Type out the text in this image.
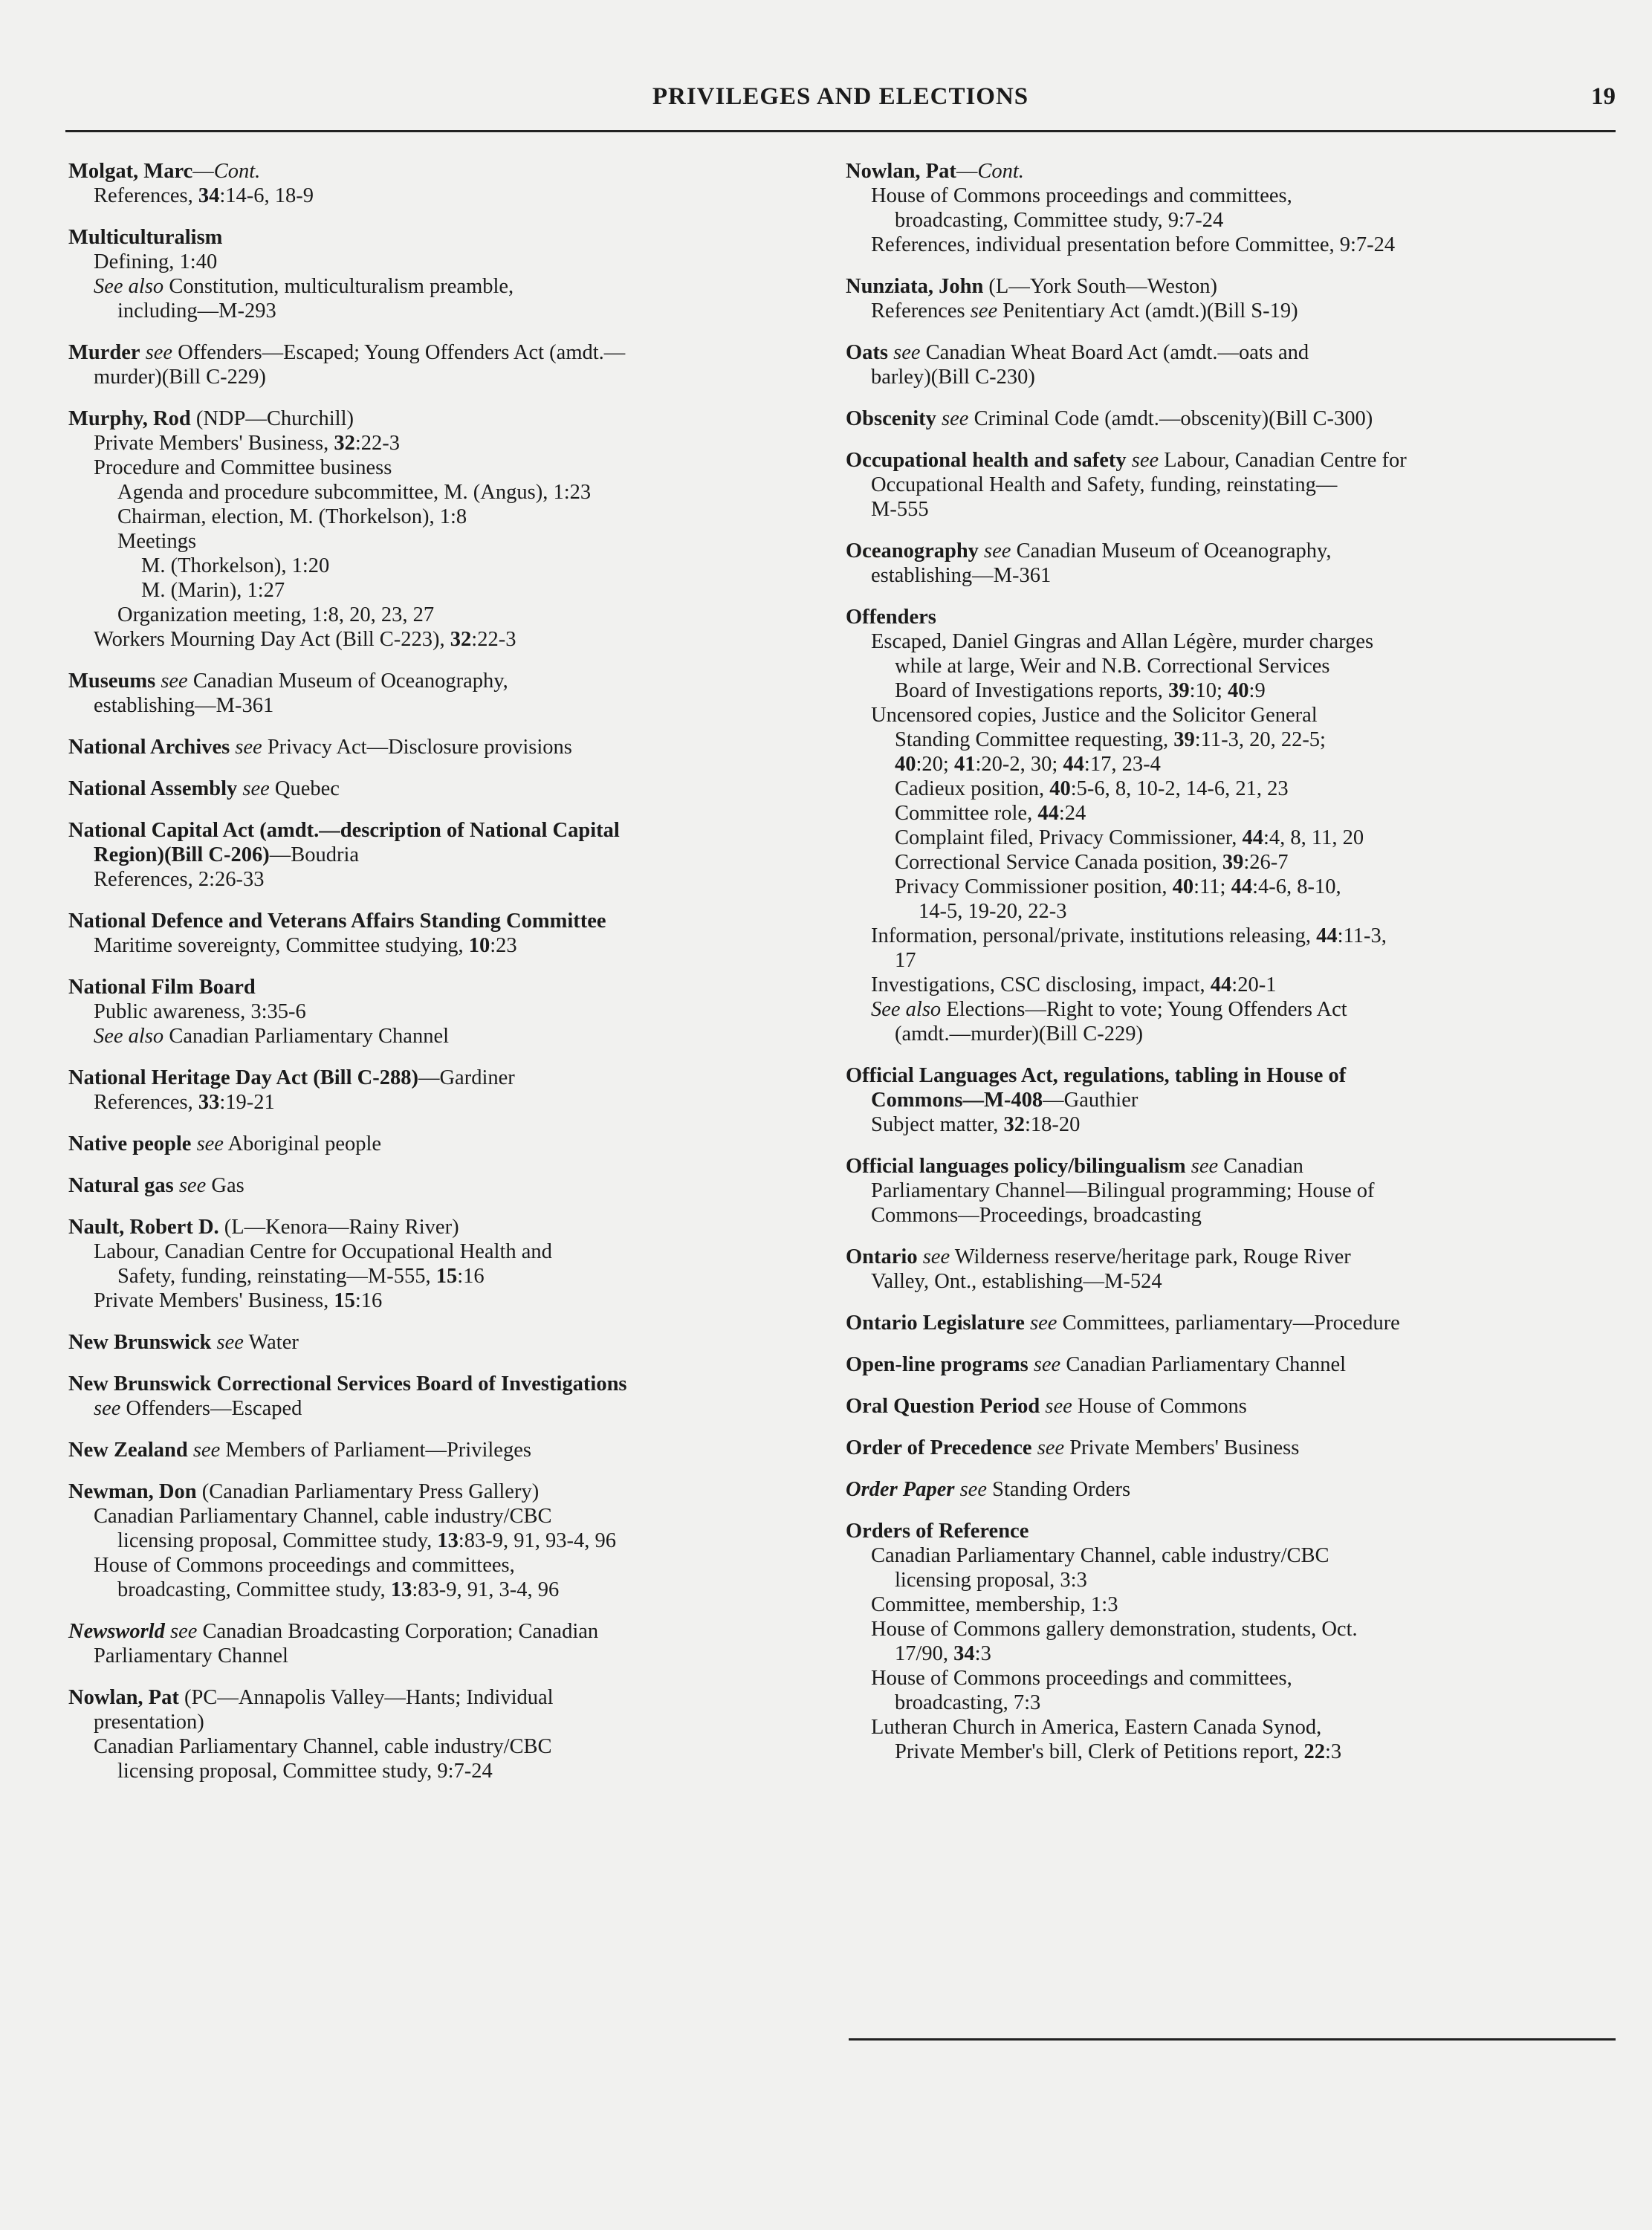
PRIVILEGES AND ELECTIONS	19
Molgat, Marc—Cont.
References, 34:14-6, 18-9
Multiculturalism
Defining, 1:40
See also Constitution, multiculturalism preamble,
including—M-293
Murder see Offenders—Escaped; Young Offenders Act (amdt.—
murder)(Bill C-229)
Murphy, Rod (NDP—Churchill)
Private Members' Business, 32:22-3
Procedure and Committee business
Agenda and procedure subcommittee, M. (Angus), 1:23
Chairman, election, M. (Thorkelson), 1:8
Meetings
M. (Thorkelson), 1:20
M. (Marin), 1:27
Organization meeting, 1:8, 20, 23, 27
Workers Mourning Day Act (Bill C-223), 32:22-3
Museums see Canadian Museum of Oceanography,
establishing—M-361
National Archives see Privacy Act—Disclosure provisions
National Assembly see Quebec
National Capital Act (amdt.—description of National Capital
Region)(Bill C-206)—Boudria
References, 2:26-33
National Defence and Veterans Affairs Standing Committee
Maritime sovereignty, Committee studying, 10:23
National Film Board
Public awareness, 3:35-6
See also Canadian Parliamentary Channel
National Heritage Day Act (Bill C-288)—Gardiner
References, 33:19-21
Native people see Aboriginal people
Natural gas see Gas
Nault, Robert D. (L—Kenora—Rainy River)
Labour, Canadian Centre for Occupational Health and
Safety, funding, reinstating—M-555, 15:16
Private Members' Business, 15:16
New Brunswick see Water
New Brunswick Correctional Services Board of Investigations
see Offenders—Escaped
New Zealand see Members of Parliament—Privileges
Newman, Don (Canadian Parliamentary Press Gallery)
Canadian Parliamentary Channel, cable industry/CBC
licensing proposal, Committee study, 13:83-9, 91, 93-4, 96
House of Commons proceedings and committees,
broadcasting, Committee study, 13:83-9, 91, 3-4, 96
Newsworld see Canadian Broadcasting Corporation; Canadian
Parliamentary Channel
Nowlan, Pat (PC—Annapolis Valley—Hants; Individual
presentation)
Canadian Parliamentary Channel, cable industry/CBC
licensing proposal, Committee study, 9:7-24
Nowlan, Pat—Cont.
House of Commons proceedings and committees,
broadcasting, Committee study, 9:7-24
References, individual presentation before Committee, 9:7-24
Nunziata, John (L—York South—Weston)
References see Penitentiary Act (amdt.)(Bill S-19)
Oats see Canadian Wheat Board Act (amdt.—oats and
barley)(Bill C-230)
Obscenity see Criminal Code (amdt.—obscenity)(Bill C-300)
Occupational health and safety see Labour, Canadian Centre for
Occupational Health and Safety, funding, reinstating—
M-555
Oceanography see Canadian Museum of Oceanography,
establishing—M-361
Offenders
Escaped, Daniel Gingras and Allan Légère, murder charges
while at large, Weir and N.B. Correctional Services
Board of Investigations reports, 39:10; 40:9
Uncensored copies, Justice and the Solicitor General
Standing Committee requesting, 39:11-3, 20, 22-5;
40:20; 41:20-2, 30; 44:17, 23-4
Cadieux position, 40:5-6, 8, 10-2, 14-6, 21, 23
Committee role, 44:24
Complaint filed, Privacy Commissioner, 44:4, 8, 11, 20
Correctional Service Canada position, 39:26-7
Privacy Commissioner position, 40:11; 44:4-6, 8-10,
14-5, 19-20, 22-3
Information, personal/private, institutions releasing, 44:11-3,
17
Investigations, CSC disclosing, impact, 44:20-1
See also Elections—Right to vote; Young Offenders Act
(amdt.—murder)(Bill C-229)
Official Languages Act, regulations, tabling in House of
Commons—M-408—Gauthier
Subject matter, 32:18-20
Official languages policy/bilingualism see Canadian
Parliamentary Channel—Bilingual programming; House of
Commons—Proceedings, broadcasting
Ontario see Wilderness reserve/heritage park, Rouge River
Valley, Ont., establishing—M-524
Ontario Legislature see Committees, parliamentary—Procedure
Open-line programs see Canadian Parliamentary Channel
Oral Question Period see House of Commons
Order of Precedence see Private Members' Business
Order Paper see Standing Orders
Orders of Reference
Canadian Parliamentary Channel, cable industry/CBC
licensing proposal, 3:3
Committee, membership, 1:3
House of Commons gallery demonstration, students, Oct.
17/90, 34:3
House of Commons proceedings and committees,
broadcasting, 7:3
Lutheran Church in America, Eastern Canada Synod,
Private Member's bill, Clerk of Petitions report, 22:3
